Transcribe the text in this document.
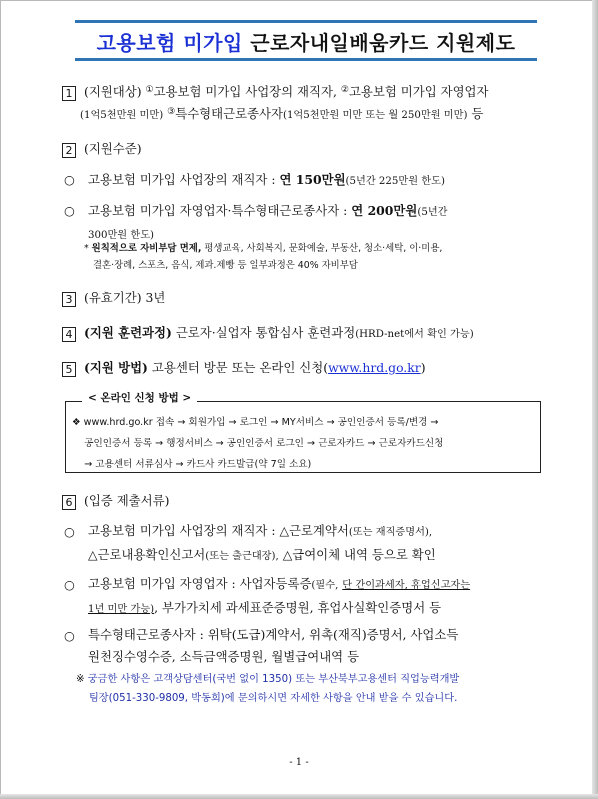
고용보험 미가입 근로자내일배움카드 지원제도
1 (지원대상) ①고용보험 미가입 사업장의 재직자, ②고용보험 미가입 자영업자
(1억5천만원 미만) ③특수형태근로종사자(1억5천만원 미만 또는 월 250만원 미만) 등
2 (지원수준)
○ 고용보험 미가입 사업장의 재직자 : 연 150만원(5년간 225만원 한도)
○ 고용보험 미가입 자영업자·특수형태근로종사자 : 연 200만원(5년간
300만원 한도)
* 원칙적으로 자비부담 면제, 평생교육, 사회복지, 문화예술, 부동산, 청소·세탁, 이·미용,
결혼·장례, 스포츠, 음식, 제과.제빵 등 일부과정은 40% 자비부담
3 (유효기간) 3년
4 (지원 훈련과정) 근로자·실업자 통합심사 훈련과정(HRD-net에서 확인 가능)
5 (지원 방법) 고용센터 방문 또는 온라인 신청(www.hrd.go.kr)
< 온라인 신청 방법 >
❖ www.hrd.go.kr 접속 → 회원가입 → 로그인 → MY서비스 → 공인인증서 등록/변경 →
공인인증서 등록 → 행정서비스 → 공인인증서 로그인 → 근로자카드 → 근로자카드신청
→ 고용센터 서류심사 → 카드사 카드발급(약 7일 소요)
6 (입증 제출서류)
○ 고용보험 미가입 사업장의 재직자 : △근로계약서(또는 재직증명서),
△근로내용확인신고서(또는 출근대장), △급여이체 내역 등으로 확인
○ 고용보험 미가입 자영업자 : 사업자등록증(필수, 단 간이과세자, 휴업신고자는
1년 미만 가능), 부가가치세 과세표준증명원, 휴업사실확인증명서 등
○ 특수형태근로종사자 : 위탁(도급)계약서, 위촉(재직)증명서, 사업소득
원천징수영수증, 소득금액증명원, 월별급여내역 등
※ 궁금한 사항은 고객상담센터(국번 없이 1350) 또는 부산북부고용센터 직업능력개발
팀장(051-330-9809, 박동희)에 문의하시면 자세한 사항을 안내 받을 수 있습니다.
- 1 -
